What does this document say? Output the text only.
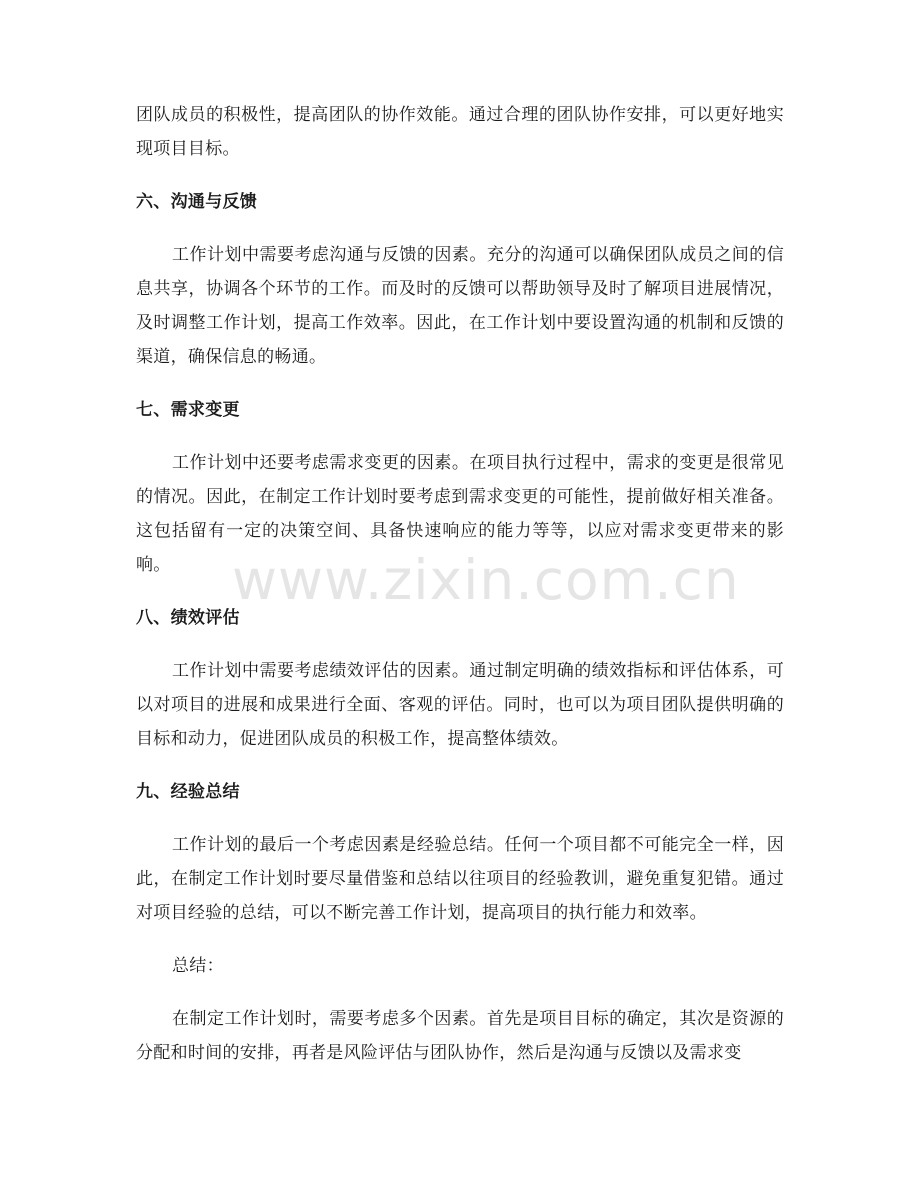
团队成员的积极性，提高团队的协作效能。通过合理的团队协作安排，可以更好地实现项目目标。

六、沟通与反馈

工作计划中需要考虑沟通与反馈的因素。充分的沟通可以确保团队成员之间的信息共享，协调各个环节的工作。而及时的反馈可以帮助领导及时了解项目进展情况，及时调整工作计划，提高工作效率。因此，在工作计划中要设置沟通的机制和反馈的渠道，确保信息的畅通。

七、需求变更

工作计划中还要考虑需求变更的因素。在项目执行过程中，需求的变更是很常见的情况。因此，在制定工作计划时要考虑到需求变更的可能性，提前做好相关准备。这包括留有一定的决策空间、具备快速响应的能力等等，以应对需求变更带来的影响。

八、绩效评估

工作计划中需要考虑绩效评估的因素。通过制定明确的绩效指标和评估体系，可以对项目的进展和成果进行全面、客观的评估。同时，也可以为项目团队提供明确的目标和动力，促进团队成员的积极工作，提高整体绩效。

九、经验总结

工作计划的最后一个考虑因素是经验总结。任何一个项目都不可能完全一样，因此，在制定工作计划时要尽量借鉴和总结以往项目的经验教训，避免重复犯错。通过对项目经验的总结，可以不断完善工作计划，提高项目的执行能力和效率。

总结：

在制定工作计划时，需要考虑多个因素。首先是项目目标的确定，其次是资源的分配和时间的安排，再者是风险评估与团队协作，然后是沟通与反馈以及需求变

www.zixin.com.cn
